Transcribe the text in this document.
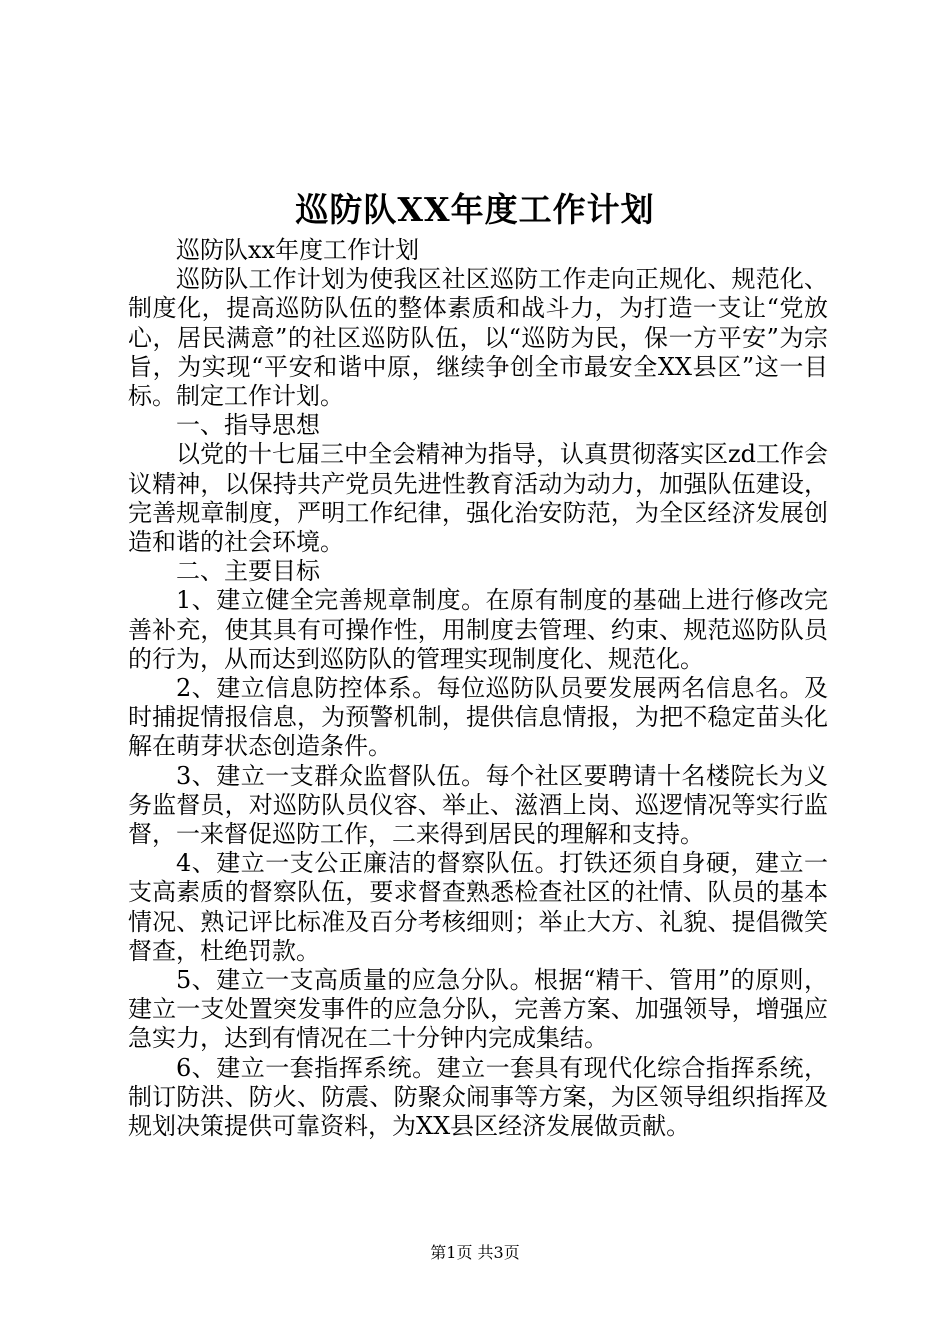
巡防队XX年度工作计划

巡防队xx年度工作计划

巡防队工作计划为使我区社区巡防工作走向正规化、规范化、制度化，提高巡防队伍的整体素质和战斗力，为打造一支让“党放心，居民满意”的社区巡防队伍，以“巡防为民，保一方平安”为宗旨，为实现“平安和谐中原，继续争创全市最安全XX县区”这一目标。制定工作计划。

一、指导思想

以党的十七届三中全会精神为指导，认真贯彻落实区zd工作会议精神，以保持共产党员先进性教育活动为动力，加强队伍建设，完善规章制度，严明工作纪律，强化治安防范，为全区经济发展创造和谐的社会环境。

二、主要目标

1、建立健全完善规章制度。在原有制度的基础上进行修改完善补充，使其具有可操作性，用制度去管理、约束、规范巡防队员的行为，从而达到巡防队的管理实现制度化、规范化。

2、建立信息防控体系。每位巡防队员要发展两名信息名。及时捕捉情报信息，为预警机制，提供信息情报，为把不稳定苗头化解在萌芽状态创造条件。

3、建立一支群众监督队伍。每个社区要聘请十名楼院长为义务监督员，对巡防队员仪容、举止、滋酒上岗、巡逻情况等实行监督，一来督促巡防工作，二来得到居民的理解和支持。

4、建立一支公正廉洁的督察队伍。打铁还须自身硬，建立一支高素质的督察队伍，要求督查熟悉检查社区的社情、队员的基本情况、熟记评比标准及百分考核细则；举止大方、礼貌、提倡微笑督查，杜绝罚款。

5、建立一支高质量的应急分队。根据“精干、管用”的原则，建立一支处置突发事件的应急分队，完善方案、加强领导，增强应急实力，达到有情况在二十分钟内完成集结。

6、建立一套指挥系统。建立一套具有现代化综合指挥系统，制订防洪、防火、防震、防聚众闹事等方案，为区领导组织指挥及规划决策提供可靠资料，为XX县区经济发展做贡献。

第1页 共3页
